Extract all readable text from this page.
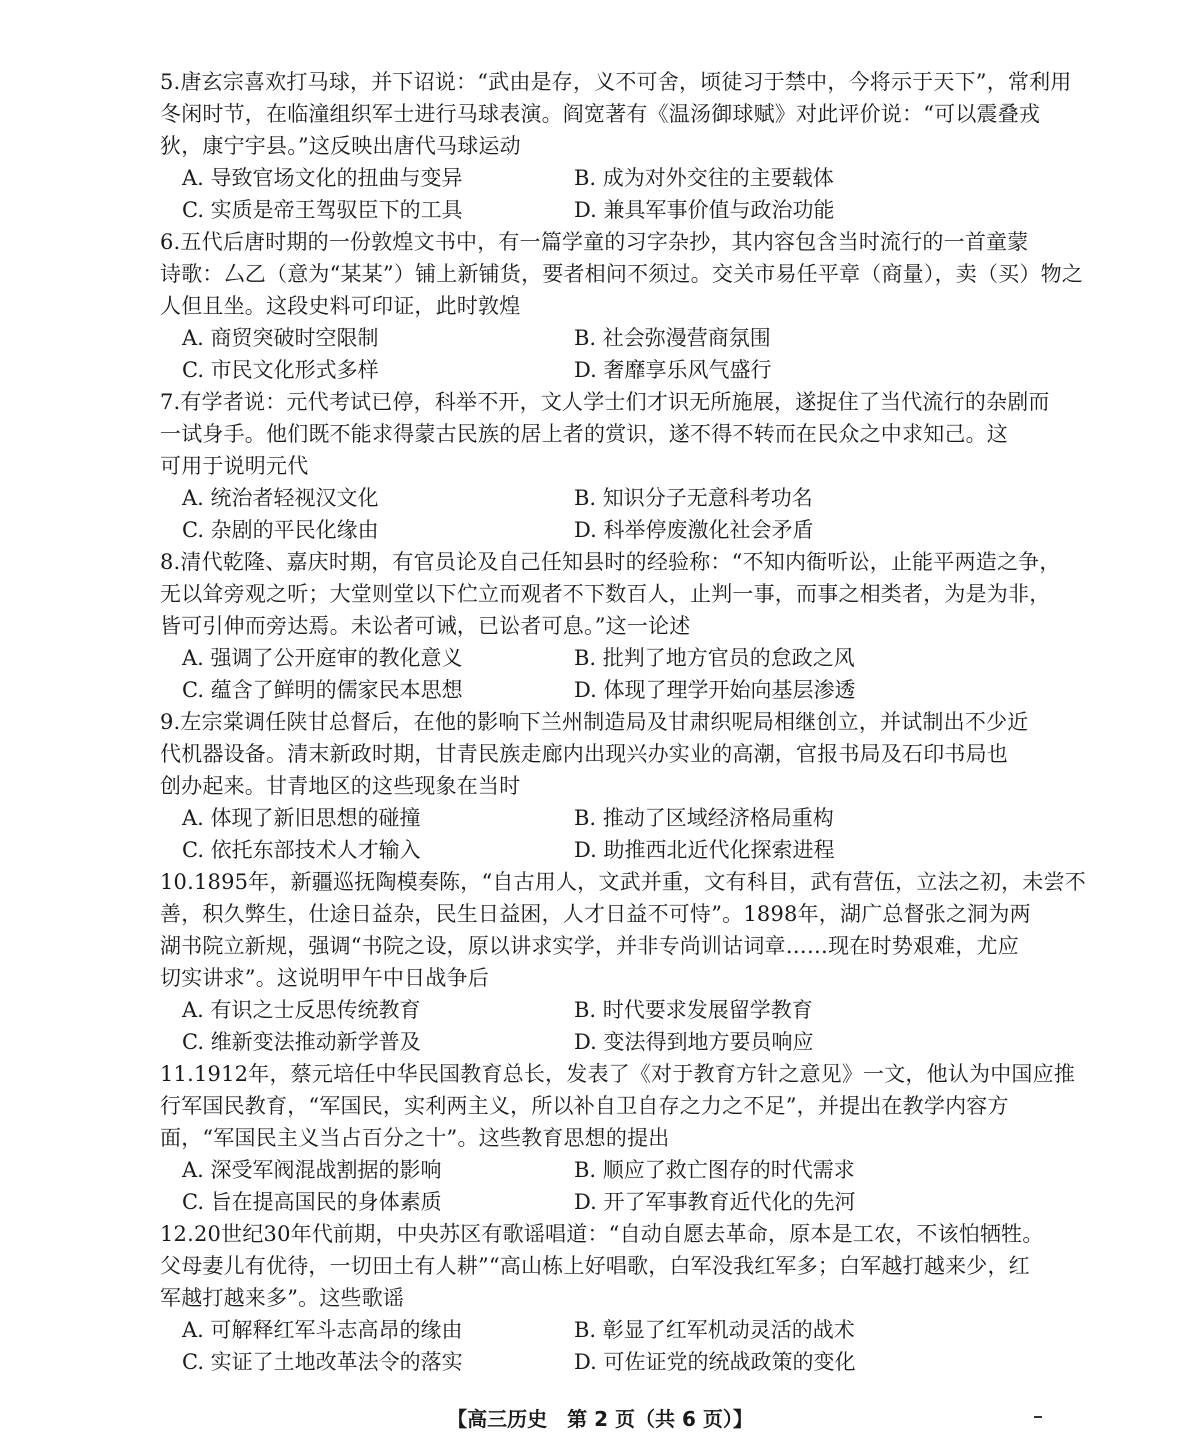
5.唐玄宗喜欢打马球，并下诏说：“武由是存，义不可舍，顷徒习于禁中，今将示于天下”，常利用
冬闲时节，在临潼组织军士进行马球表演。阎宽著有《温汤御球赋》对此评价说：“可以震叠戎
狄，康宁宇县。”这反映出唐代马球运动
A. 导致官场文化的扭曲与变异	B. 成为对外交往的主要载体
C. 实质是帝王驾驭臣下的工具	D. 兼具军事价值与政治功能
6.五代后唐时期的一份敦煌文书中，有一篇学童的习字杂抄，其内容包含当时流行的一首童蒙
诗歌：厶乙（意为“某某”）铺上新铺货，要者相问不须过。交关市易任平章（商量），卖（买）物之
人但且坐。这段史料可印证，此时敦煌
A. 商贸突破时空限制	B. 社会弥漫营商氛围
C. 市民文化形式多样	D. 奢靡享乐风气盛行
7.有学者说：元代考试已停，科举不开，文人学士们才识无所施展，遂捉住了当代流行的杂剧而
一试身手。他们既不能求得蒙古民族的居上者的赏识，遂不得不转而在民众之中求知己。这
可用于说明元代
A. 统治者轻视汉文化	B. 知识分子无意科考功名
C. 杂剧的平民化缘由	D. 科举停废激化社会矛盾
8.清代乾隆、嘉庆时期，有官员论及自己任知县时的经验称：“不知内衙听讼，止能平两造之争，
无以耸旁观之听；大堂则堂以下伫立而观者不下数百人，止判一事，而事之相类者，为是为非，
皆可引伸而旁达焉。未讼者可诫，已讼者可息。”这一论述
A. 强调了公开庭审的教化意义	B. 批判了地方官员的怠政之风
C. 蕴含了鲜明的儒家民本思想	D. 体现了理学开始向基层渗透
9.左宗棠调任陕甘总督后，在他的影响下兰州制造局及甘肃织呢局相继创立，并试制出不少近
代机器设备。清末新政时期，甘青民族走廊内出现兴办实业的高潮，官报书局及石印书局也
创办起来。甘青地区的这些现象在当时
A. 体现了新旧思想的碰撞	B. 推动了区域经济格局重构
C. 依托东部技术人才输入	D. 助推西北近代化探索进程
10.1895年，新疆巡抚陶模奏陈，“自古用人，文武并重，文有科目，武有营伍，立法之初，未尝不
善，积久弊生，仕途日益杂，民生日益困，人才日益不可恃”。1898年，湖广总督张之洞为两
湖书院立新规，强调“书院之设，原以讲求实学，并非专尚训诂词章……现在时势艰难，尤应
切实讲求”。这说明甲午中日战争后
A. 有识之士反思传统教育	B. 时代要求发展留学教育
C. 维新变法推动新学普及	D. 变法得到地方要员响应
11.1912年，蔡元培任中华民国教育总长，发表了《对于教育方针之意见》一文，他认为中国应推
行军国民教育，“军国民，实利两主义，所以补自卫自存之力之不足”，并提出在教学内容方
面，“军国民主义当占百分之十”。这些教育思想的提出
A. 深受军阀混战割据的影响	B. 顺应了救亡图存的时代需求
C. 旨在提高国民的身体素质	D. 开了军事教育近代化的先河
12.20世纪30年代前期，中央苏区有歌谣唱道：“自动自愿去革命，原本是工农，不该怕牺牲。
父母妻儿有优待，一切田土有人耕”“高山栋上好唱歌，白军没我红军多；白军越打越来少，红
军越打越来多”。这些歌谣
A. 可解释红军斗志高昂的缘由	B. 彰显了红军机动灵活的战术
C. 实证了土地改革法令的落实	D. 可佐证党的统战政策的变化
【高三历史　第 2 页（共 6 页）】
